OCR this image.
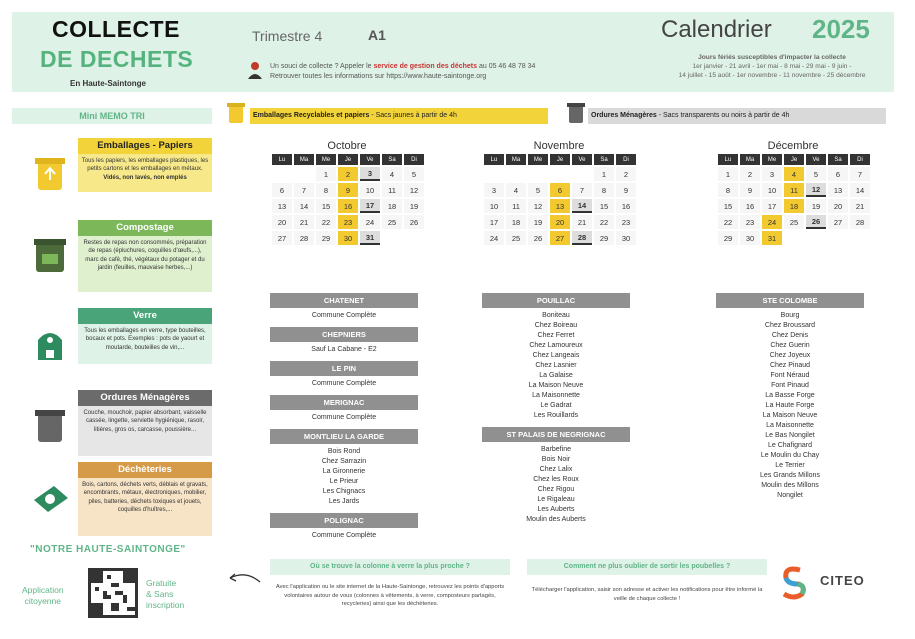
COLLECTE
DE DECHETS
En Haute-Saintonge
Trimestre 4	A1	Calendrier 2025
Jours fériés susceptibles d'impacter la collecte
1er janvier - 21 avril - 1er mai - 8 mai - 29 mai - 9 juin -
14 juillet - 15 août - 1er novembre - 11 novembre - 25 décembre
Un souci de collecte ? Appeler le service de gestion des déchets au 05 46 48 78 34
Retrouver toutes les informations sur https://www.haute-saintonge.org
Mini MEMO TRI	Emballages Recyclables et papiers - Sacs jaunes à partir de 4h	Ordures Ménagères - Sacs transparents ou noirs à partir de 4h
Emballages - Papiers
Tous les papiers, les emballages plastiques, les petits cartons et les emballages en métaux. Vidés, non lavés, non emplés
Compostage
Restes de repas non consommés, préparation de repas (épluchures, coquilles d'œufs,...), marc de café, thé, végétaux du potager et du jardin (feuilles, mauvaise herbes,...)
Verre
Tous les emballages en verre, type bouteilles, bocaux et pots. Exemples : pots de yaourt et moutarde, bouteilles de vin,...
Ordures Ménagères
Couche, mouchoir, papier absorbant, vaisselle cassée, lingette, serviette hygiénique, rasoir, litières, gros os, carcasse, poussière...
Déchèteries
Bois, cartons, déchets verts, déblais et gravats, encombrants, métaux, électroniques, mobilier, piles, batteries, déchets toxiques et jouets, coquilles d'huîtres,...
Octobre
Lu	Ma	Me	Je	Ve	Sa	Di
		1	2	3	4	5
6	7	8	9	10	11	12
13	14	15	16	17	18	19
20	21	22	23	24	25	26
27	28	29	30	31		
Novembre
Lu	Ma	Me	Je	Ve	Sa	Di
					1	2
3	4	5	6	7	8	9
10	11	12	13	14	15	16
17	18	19	20	21	22	23
24	25	26	27	28	29	30
Décembre
Lu	Ma	Me	Je	Ve	Sa	Di
1	2	3	4	5	6	7
8	9	10	11	12	13	14
15	16	17	18	19	20	21
22	23	24	25	26	27	28
29	30	31				
CHATENET
Commune Complète
CHEPNIERS
Sauf La Cabane - E2
LE PIN
Commune Complète
MERIGNAC
Commune Complète
MONTLIEU LA GARDE
Bois Rond
Chez Sarrazin
La Gironnerie
Le Prieur
Les Chignacs
Les Jards
POLIGNAC
Commune Complète
POUILLAC
Boniteau
Chez Boireau
Chez Ferret
Chez Lamoureux
Chez Langeais
Chez Lasnier
La Galaise
La Maison Neuve
La Maisonnette
Le Gadrat
Les Rouillards
ST PALAIS DE NEGRIGNAC
Barbefine
Bois Noir
Chez Lalix
Chez les Roux
Chez Rigou
Le Rigaleau
Les Auberts
Moulin des Auberts
STE COLOMBE
Bourg
Chez Broussard
Chez Denis
Chez Guerin
Chez Joyeux
Chez Pinaud
Font Néraud
Font Pinaud
La Basse Forge
La Haute Forge
La Maison Neuve
La Maisonnette
Le Bas Nongilet
Le Chafignard
Le Moulin du Chay
Le Terrier
Les Grands Millons
Moulin des Millons
Nongilet
"NOTRE HAUTE-SAINTONGE"
Application
citoyenne
Gratuite
& Sans
inscription
Où se trouve la colonne à verre la plus proche ?
Avec l'application ou le site internet de la Haute-Saintonge, retrouvez les points d'apports volontaires autour de vous (colonnes à vêtements, à verre, composteurs partagés, recycleries) ainsi que les déchèteries.
Comment ne plus oublier de sortir les poubelles ?
Télécharger l'application, saisir son adresse et activer les notifications pour être informé la veille de chaque collecte !
CITEO
